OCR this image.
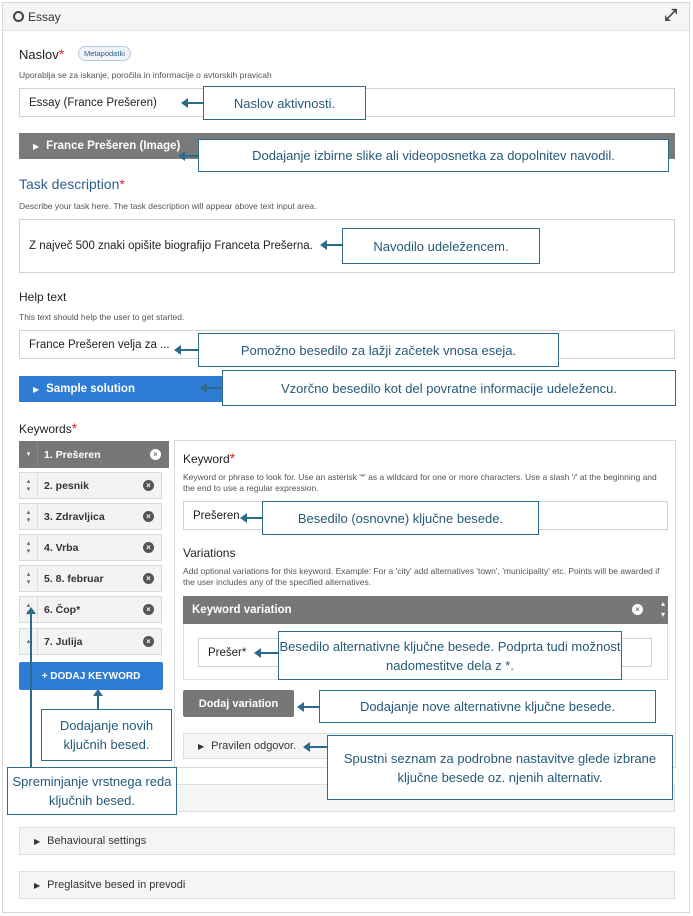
Essay	⤢
Naslov*	Metapodatki
Uporablja se za iskanje, poročila in informacije o avtorskih pravicah
Essay (France Prešeren)
▶ France Prešeren (Image)
Task description*
Describe your task here. The task description will appear above text input area.
Z največ 500 znaki opišite biografijo Franceta Prešerna.
Help text
This text should help the user to get started.
France Prešeren velja za ...
▶ Sample solution
Keywords*
▾	1. Prešeren	×
▴
▾	2. pesnik	×
▴
▾	3. Zdravljica	×
▴
▾	4. Vrba	×
▴
▾	5. 8. februar	×
▴	6. Čop*	×
▴	7. Julija	×
+ DODAJ KEYWORD
Keyword*
Keyword or phrase to look for. Use an asterisk '*' as a wildcard for one or more characters. Use a slash '/' at the beginning and the end to use a regular expression.
Prešeren
Variations
Add optional variations for this keyword. Example: For a 'city' add alternatives 'town', 'municipality' etc. Points will be awarded if the user includes any of the specified alternatives.
Keyword variation	×
▴
▾
Prešer*
Dodaj variation
▶ Pravilen odgovor.
▶ Behavioural settings
▶ Preglasitve besed in prevodi
Naslov aktivnosti.
Dodajanje izbirne slike ali videoposnetka za dopolnitev navodil.
Navodilo udeležencem.
Pomožno besedilo za lažji začetek vnosa eseja.
Vzorčno besedilo kot del povratne informacije udeležencu.
Besedilo (osnovne) ključne besede.
Besedilo alternativne ključne besede. Podprta tudi možnost nadomestitve dela z *.
Dodajanje nove alternativne ključne besede.
Spustni seznam za podrobne nastavitve glede izbrane ključne besede oz. njenih alternativ.
Dodajanje novih ključnih besed.
Spreminjanje vrstnega reda ključnih besed.
